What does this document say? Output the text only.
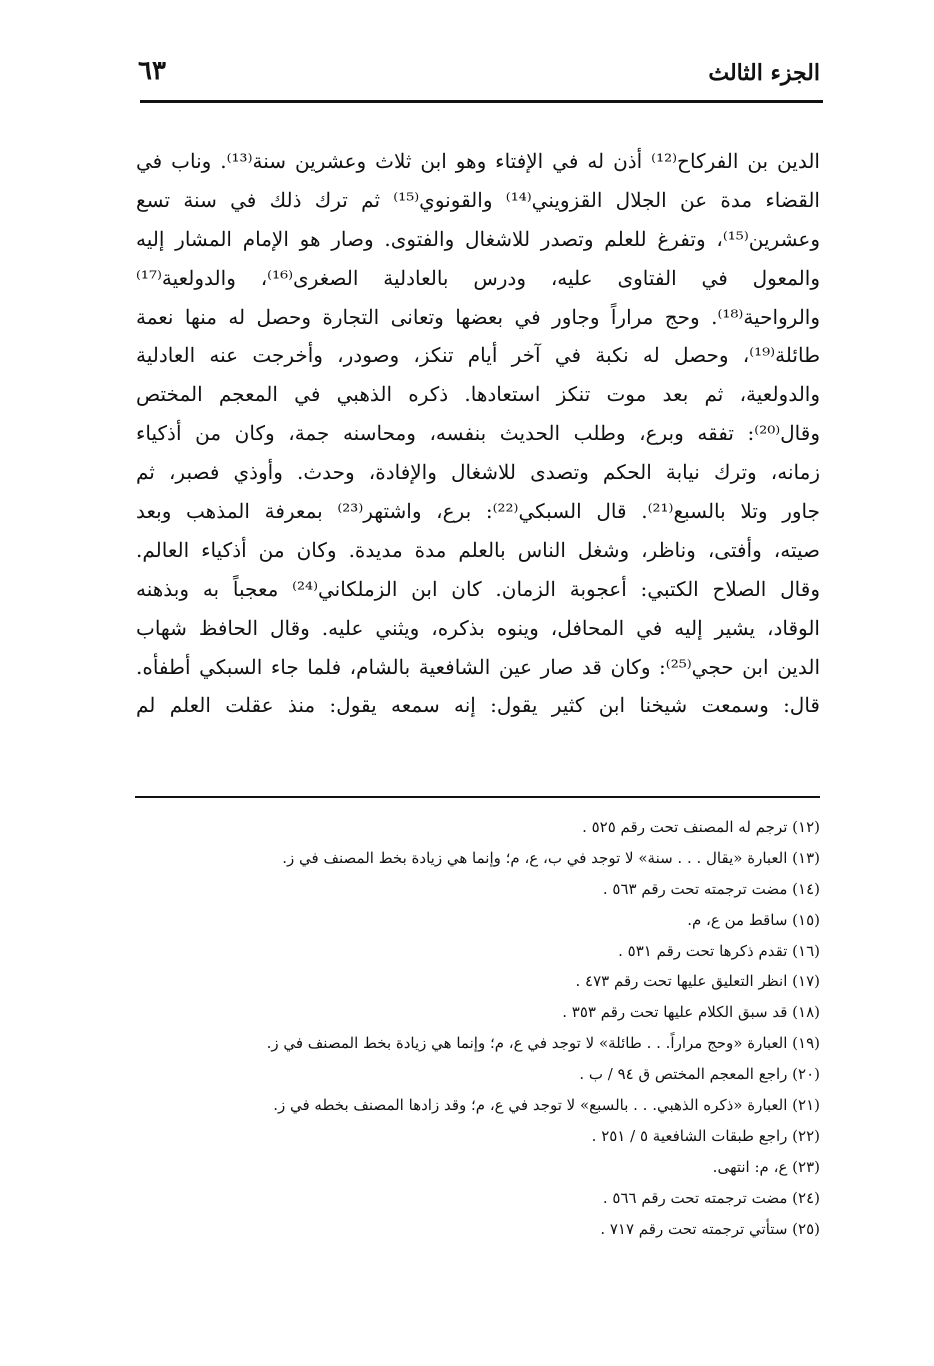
الجزء الثالث
٦٣
الدين بن الفركاح⁽¹²⁾ أذن له في الإفتاء وهو ابن ثلاث وعشرين سنة⁽¹³⁾. وناب في
القضاء مدة عن الجلال القزويني⁽¹⁴⁾ والقونوي⁽¹⁵⁾ ثم ترك ذلك في سنة تسع
وعشرين⁽¹⁵⁾، وتفرغ للعلم وتصدر للاشغال والفتوى. وصار هو الإمام المشار إليه
والمعول في الفتاوى عليه، ودرس بالعادلية الصغرى⁽¹⁶⁾، والدولعية⁽¹⁷⁾
والرواحية⁽¹⁸⁾. وحج مراراً وجاور في بعضها وتعانى التجارة وحصل له منها نعمة
طائلة⁽¹⁹⁾، وحصل له نكبة في آخر أيام تنكز، وصودر، وأخرجت عنه العادلية
والدولعية، ثم بعد موت تنكز استعادها. ذكره الذهبي في المعجم المختص
وقال⁽²⁰⁾: تفقه وبرع، وطلب الحديث بنفسه، ومحاسنه جمة، وكان من أذكياء
زمانه، وترك نيابة الحكم وتصدى للاشغال والإفادة، وحدث. وأوذي فصبر، ثم
جاور وتلا بالسبع⁽²¹⁾. قال السبكي⁽²²⁾: برع، واشتهر⁽²³⁾ بمعرفة المذهب وبعد
صيته، وأفتى، وناظر، وشغل الناس بالعلم مدة مديدة. وكان من أذكياء العالم.
وقال الصلاح الكتبي: أعجوبة الزمان. كان ابن الزملكاني⁽²⁴⁾ معجباً به وبذهنه
الوقاد، يشير إليه في المحافل، وينوه بذكره، ويثني عليه. وقال الحافظ شهاب
الدين ابن حجي⁽²⁵⁾: وكان قد صار عين الشافعية بالشام، فلما جاء السبكي أطفأه.
قال: وسمعت شيخنا ابن كثير يقول: إنه سمعه يقول: منذ عقلت العلم لم
(١٢) ترجم له المصنف تحت رقم ٥٢٥ .
(١٣) العبارة «يقال . . . سنة» لا توجد في ب، ع، م؛ وإنما هي زيادة بخط المصنف في ز.
(١٤) مضت ترجمته تحت رقم ٥٦٣ .
(١٥) ساقط من ع، م.
(١٦) تقدم ذكرها تحت رقم ٥٣١ .
(١٧) انظر التعليق عليها تحت رقم ٤٧٣ .
(١٨) قد سبق الكلام عليها تحت رقم ٣٥٣ .
(١٩) العبارة «وحج مراراً. . . طائلة» لا توجد في ع، م؛ وإنما هي زيادة بخط المصنف في ز.
(٢٠) راجع المعجم المختص ق ٩٤ / ب .
(٢١) العبارة «ذكره الذهبي. . . بالسبع» لا توجد في ع، م؛ وقد زادها المصنف بخطه في ز.
(٢٢) راجع طبقات الشافعية ٥ / ٢٥١ .
(٢٣) ع، م: انتهى.
(٢٤) مضت ترجمته تحت رقم ٥٦٦ .
(٢٥) ستأتي ترجمته تحت رقم ٧١٧ .
